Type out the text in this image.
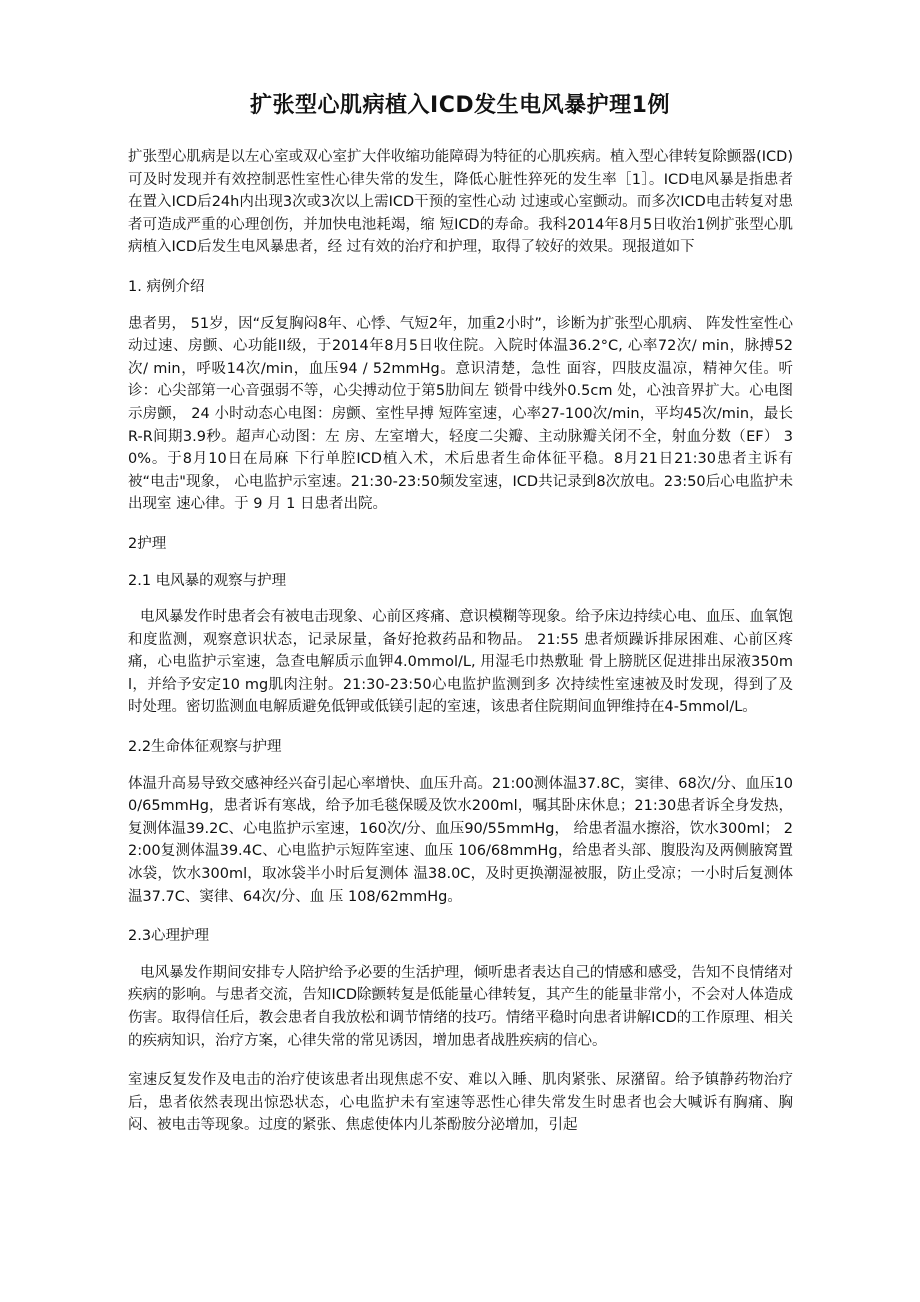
扩张型心肌病植入ICD发生电风暴护理1例

扩张型心肌病是以左心室或双心室扩大伴收缩功能障碍为特征的心肌疾病。植入型心律转复除颤器(ICD)可及时发现并有效控制恶性室性心律失常的发生，降低心脏性猝死的发生率［1］。ICD电风暴是指患者在置入ICD后24h内出现3次或3次以上需ICD干预的室性心动 过速或心室颤动。而多次ICD电击转复对患者可造成严重的心理创伤，并加快电池耗竭，缩 短ICD的寿命。我科2014年8月5日收治1例扩张型心肌病植入ICD后发生电风暴患者，经 过有效的治疗和护理，取得了较好的效果。现报道如下

1. 病例介绍

患者男， 51岁，因“反复胸闷8年、心悸、气短2年，加重2小时”，诊断为扩张型心肌病、 阵发性室性心动过速、房颤、心功能II级，于2014年8月5日收住院。入院时体温36.2°C, 心率72次/ min，脉搏52次/ min，呼吸14次/min，血压94 / 52mmHg。意识清楚，急性 面容，四肢皮温凉，精神欠佳。听诊：心尖部第一心音强弱不等，心尖搏动位于第5肋间左 锁骨中线外0.5cm 处，心浊音界扩大。心电图示房颤， 24 小时动态心电图：房颤、室性早搏 短阵室速，心率27-100次/min，平均45次/min，最长R-R间期3.9秒。超声心动图：左 房、左室增大，轻度二尖瓣、主动脉瓣关闭不全，射血分数（EF） 30%。于8月10日在局麻 下行单腔ICD植入术，术后患者生命体征平稳。8月21日21:30患者主诉有被“电击"现象， 心电监护示室速。21:30-23:50频发室速，ICD共记录到8次放电。23:50后心电监护未出现室 速心律。于 9 月 1 日患者出院。

2护理

2.1 电风暴的观察与护理

电风暴发作时患者会有被电击现象、心前区疼痛、意识模糊等现象。给予床边持续心电、血压、血氧饱和度监测，观察意识状态，记录尿量，备好抢救药品和物品。 21:55 患者烦躁诉排尿困难、心前区疼痛，心电监护示室速，急查电解质示血钾4.0mmol/L, 用湿毛巾热敷耻 骨上膀胱区促进排出尿液350ml，并给予安定10 mg肌肉注射。21:30-23:50心电监护监测到多 次持续性室速被及时发现，得到了及时处理。密切监测血电解质避免低钾或低镁引起的室速，该患者住院期间血钾维持在4-5mmol/L。

2.2生命体征观察与护理

体温升高易导致交感神经兴奋引起心率增快、血压升高。21:00测体温37.8C，窦律、68次/分、血压100/65mmHg，患者诉有寒战，给予加毛毯保暖及饮水200ml，嘱其卧床休息；21:30患者诉全身发热，复测体温39.2C、心电监护示室速，160次/分、血压90/55mmHg， 给患者温水擦浴，饮水300ml； 22:00复测体温39.4C、心电监护示短阵室速、血压 106/68mmHg，给患者头部、腹股沟及两侧腋窝置冰袋，饮水300ml，取冰袋半小时后复测体 温38.0C，及时更换潮湿被服，防止受凉；一小时后复测体温37.7C、窦律、64次/分、血 压 108/62mmHg。

2.3心理护理

电风暴发作期间安排专人陪护给予必要的生活护理，倾听患者表达自己的情感和感受，告知不良情绪对疾病的影响。与患者交流，告知ICD除颤转复是低能量心律转复，其产生的能量非常小，不会对人体造成伤害。取得信任后，教会患者自我放松和调节情绪的技巧。情绪平稳时向患者讲解ICD的工作原理、相关的疾病知识，治疗方案，心律失常的常见诱因，增加患者战胜疾病的信心。

室速反复发作及电击的治疗使该患者出现焦虑不安、难以入睡、肌肉紧张、尿潴留。给予镇静药物治疗后，患者依然表现出惊恐状态，心电监护未有室速等恶性心律失常发生时患者也会大喊诉有胸痛、胸闷、被电击等现象。过度的紧张、焦虑使体内儿茶酚胺分泌增加，引起
